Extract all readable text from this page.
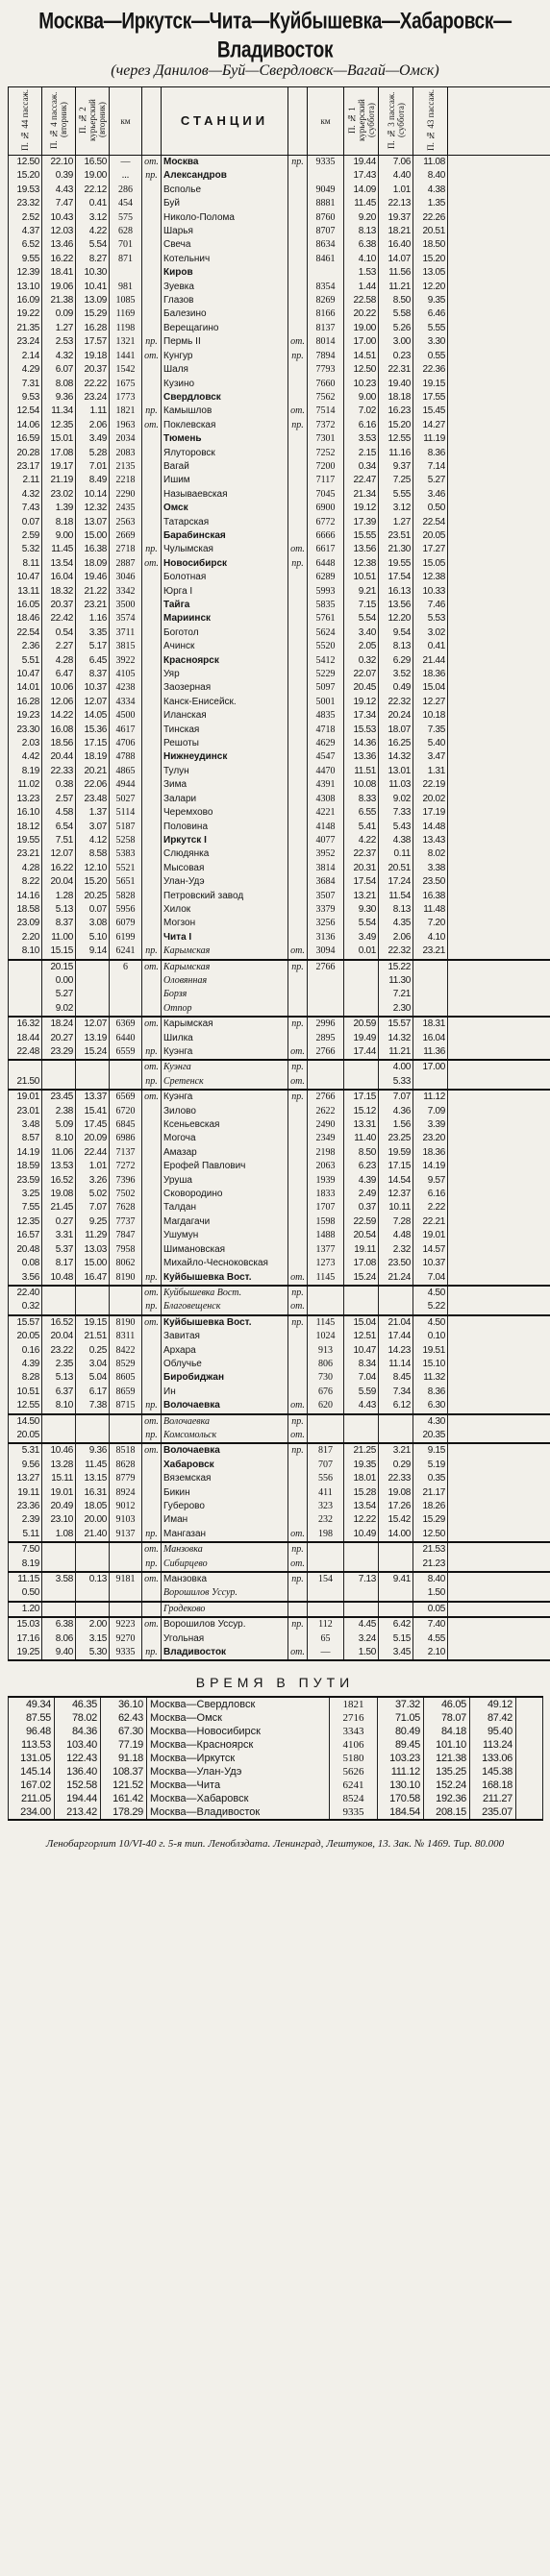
Москва—Иркутск—Чита—Куйбышевка—Хабаровск—Владивосток
(через Данилов—Буй—Свердловск—Вагай—Омск)
П. № 44 пассаж.	П. № 4 пассаж. (вторник)	П. № 2 курьерский (вторник)	км		СТАНЦИИ		км	П. № 1 курьерский (суббота)	П. № 3 пассаж. (суббота)	П. № 43 пассаж.	
12.50	22.10	16.50	—	от.	Москва	пр.	9335	19.44	7.06	11.08	
15.20	0.39	19.00	...	пр.	Александров			17.43	4.40	8.40	
19.53	4.43	22.12	286		Всполье		9049	14.09	1.01	4.38	
23.32	7.47	0.41	454		Буй		8881	11.45	22.13	1.35	
2.52	10.43	3.12	575		Николо-Полома		8760	9.20	19.37	22.26	
4.37	12.03	4.22	628		Шарья		8707	8.13	18.21	20.51	
6.52	13.46	5.54	701		Свеча		8634	6.38	16.40	18.50	
9.55	16.22	8.27	871		Котельнич		8461	4.10	14.07	15.20	
12.39	18.41	10.30			Киров			1.53	11.56	13.05	
13.10	19.06	10.41	981		Зуевка		8354	1.44	11.21	12.20	
16.09	21.38	13.09	1085		Глазов		8269	22.58	8.50	9.35	
19.22	0.09	15.29	1169		Балезино		8166	20.22	5.58	6.46	
21.35	1.27	16.28	1198		Верещагино		8137	19.00	5.26	5.55	
23.24	2.53	17.57	1321	пр.	Пермь II	от.	8014	17.00	3.00	3.30	
2.14	4.32	19.18	1441	от.	Кунгур	пр.	7894	14.51	0.23	0.55	
4.29	6.07	20.37	1542		Шаля		7793	12.50	22.31	22.36	
7.31	8.08	22.22	1675		Кузино		7660	10.23	19.40	19.15	
9.53	9.36	23.24	1773		Свердловск		7562	9.00	18.18	17.55	
12.54	11.34	1.11	1821	пр.	Камышлов	от.	7514	7.02	16.23	15.45	
14.06	12.35	2.06	1963	от.	Поклевская	пр.	7372	6.16	15.20	14.27	
16.59	15.01	3.49	2034		Тюмень		7301	3.53	12.55	11.19	
20.28	17.08	5.28	2083		Ялуторовск		7252	2.15	11.16	8.36	
23.17	19.17	7.01	2135		Вагай		7200	0.34	9.37	7.14	
2.11	21.19	8.49	2218		Ишим		7117	22.47	7.25	5.27	
4.32	23.02	10.14	2290		Называевская		7045	21.34	5.55	3.46	
7.43	1.39	12.32	2435		Омск		6900	19.12	3.12	0.50	
0.07	8.18	13.07	2563		Татарская		6772	17.39	1.27	22.54	
2.59	9.00	15.00	2669		Барабинская		6666	15.55	23.51	20.05	
5.32	11.45	16.38	2718	пр.	Чулымская	от.	6617	13.56	21.30	17.27	
8.11	13.54	18.09	2887	от.	Новосибирск	пр.	6448	12.38	19.55	15.05	
10.47	16.04	19.46	3046		Болотная		6289	10.51	17.54	12.38	
13.11	18.32	21.22	3342		Юрга I		5993	9.21	16.13	10.33	
16.05	20.37	23.21	3500		Тайга		5835	7.15	13.56	7.46	
18.46	22.42	1.16	3574		Мариинск		5761	5.54	12.20	5.53	
22.54	0.54	3.35	3711		Боготол		5624	3.40	9.54	3.02	
2.36	2.27	5.17	3815		Ачинск		5520	2.05	8.13	0.41	
5.51	4.28	6.45	3922		Красноярск		5412	0.32	6.29	21.44	
10.47	6.47	8.37	4105		Уяр		5229	22.07	3.52	18.36	
14.01	10.06	10.37	4238		Заозерная		5097	20.45	0.49	15.04	
16.28	12.06	12.07	4334		Канск-Енисейск.		5001	19.12	22.32	12.27	
19.23	14.22	14.05	4500		Иланская		4835	17.34	20.24	10.18	
23.30	16.08	15.36	4617		Тинская		4718	15.53	18.07	7.35	
2.03	18.56	17.15	4706		Решоты		4629	14.36	16.25	5.40	
4.42	20.44	18.19	4788		Нижнеудинск		4547	13.36	14.32	3.47	
8.19	22.33	20.21	4865		Тулун		4470	11.51	13.01	1.31	
11.02	0.38	22.06	4944		Зима		4391	10.08	11.03	22.19	
13.23	2.57	23.48	5027		Залари		4308	8.33	9.02	20.02	
16.10	4.58	1.37	5114		Черемхово		4221	6.55	7.33	17.19	
18.12	6.54	3.07	5187		Половина		4148	5.41	5.43	14.48	
19.55	7.51	4.12	5258		Иркутск I		4077	4.22	4.38	13.43	
23.21	12.07	8.58	5383		Слюдянка		3952	22.37	0.11	8.02	
4.28	16.22	12.10	5521		Мысовая		3814	20.31	20.51	3.38	
8.22	20.04	15.20	5651		Улан-Удэ		3684	17.54	17.24	23.50	
14.16	1.28	20.25	5828		Петровский завод		3507	13.21	11.54	16.38	
18.58	5.13	0.07	5956		Хилок		3379	9.30	8.13	11.48	
23.09	8.37	3.08	6079		Могзон		3256	5.54	4.35	7.20	
2.20	11.00	5.10	6199		Чита I		3136	3.49	2.06	4.10	
8.10	15.15	9.14	6241	пр.	Карымская	от.	3094	0.01	22.32	23.21	
	20.15		6	от.	Карымская	пр.	2766		15.22		
	0.00				Оловянная				11.30		
	5.27				Борзя				7.21		
	9.02				Отпор				2.30		
16.32	18.24	12.07	6369	от.	Карымская	пр.	2996	20.59	15.57	18.31	
18.44	20.27	13.19	6440		Шилка		2895	19.49	14.32	16.04	
22.48	23.29	15.24	6559	пр.	Куэнга	от.	2766	17.44	11.21	11.36	
				от.	Куэнга	пр.			4.00	17.00	
21.50				пр.	Сретенск	от.			5.33		
19.01	23.45	13.37	6569	от.	Куэнга	пр.	2766	17.15	7.07	11.12	
23.01	2.38	15.41	6720		Зилово		2622	15.12	4.36	7.09	
3.48	5.09	17.45	6845		Ксеньевская		2490	13.31	1.56	3.39	
8.57	8.10	20.09	6986		Могоча		2349	11.40	23.25	23.20	
14.19	11.06	22.44	7137		Амазар		2198	8.50	19.59	18.36	
18.59	13.53	1.01	7272		Ерофей Павлович		2063	6.23	17.15	14.19	
23.59	16.52	3.26	7396		Уруша		1939	4.39	14.54	9.57	
3.25	19.08	5.02	7502		Сковородино		1833	2.49	12.37	6.16	
7.55	21.45	7.07	7628		Талдан		1707	0.37	10.11	2.22	
12.35	0.27	9.25	7737		Магдагачи		1598	22.59	7.28	22.21	
16.57	3.31	11.29	7847		Ушумун		1488	20.54	4.48	19.01	
20.48	5.37	13.03	7958		Шимановская		1377	19.11	2.32	14.57	
0.08	8.17	15.00	8062		Михайло-Чесноковская		1273	17.08	23.50	10.37	
3.56	10.48	16.47	8190	пр.	Куйбышевка Вост.	от.	1145	15.24	21.24	7.04	
22.40				от.	Куйбышевка Вост.	пр.				4.50	
0.32				пр.	Благовещенск	от.				5.22	
15.57	16.52	19.15	8190	от.	Куйбышевка Вост.	пр.	1145	15.04	21.04	4.50	
20.05	20.04	21.51	8311		Завитая		1024	12.51	17.44	0.10	
0.16	23.22	0.25	8422		Архара		913	10.47	14.23	19.51	
4.39	2.35	3.04	8529		Облучье		806	8.34	11.14	15.10	
8.28	5.13	5.04	8605		Биробиджан		730	7.04	8.45	11.32	
10.51	6.37	6.17	8659		Ин		676	5.59	7.34	8.36	
12.55	8.10	7.38	8715	пр.	Волочаевка	от.	620	4.43	6.12	6.30	
14.50				от.	Волочаевка	пр.				4.30	
20.05				пр.	Комсомольск	от.				20.35	
5.31	10.46	9.36	8518	от.	Волочаевка	пр.	817	21.25	3.21	9.15	
9.56	13.28	11.45	8628		Хабаровск		707	19.35	0.29	5.19	
13.27	15.11	13.15	8779		Вяземская		556	18.01	22.33	0.35	
19.11	19.01	16.31	8924		Бикин		411	15.28	19.08	21.17	
23.36	20.49	18.05	9012		Губерово		323	13.54	17.26	18.26	
2.39	23.10	20.00	9103		Иман		232	12.22	15.42	15.29	
5.11	1.08	21.40	9137	пр.	Мангазан	от.	198	10.49	14.00	12.50	
7.50				от.	Манзовка	пр.				21.53	
8.19				пр.	Сибирцево	от.				21.23	
11.15	3.58	0.13	9181	от.	Манзовка	пр.	154	7.13	9.41	8.40	
0.50					Ворошилов Уссур.					1.50	
1.20					Гродеково					0.05	
15.03	6.38	2.00	9223	от.	Ворошилов Уссур.	пр.	112	4.45	6.42	7.40	
17.16	8.06	3.15	9270		Угольная		65	3.24	5.15	4.55	
19.25	9.40	5.30	9335	пр.	Владивосток	от.	—	1.50	3.45	2.10	
ВРЕМЯ В ПУТИ
49.34	46.35	36.10	Москва—Свердловск	1821	37.32	46.05	49.12	
87.55	78.02	62.43	Москва—Омск	2716	71.05	78.07	87.42	
96.48	84.36	67.30	Москва—Новосибирск	3343	80.49	84.18	95.40	
113.53	103.40	77.19	Москва—Красноярск	4106	89.45	101.10	113.24	
131.05	122.43	91.18	Москва—Иркутск	5180	103.23	121.38	133.06	
145.14	136.40	108.37	Москва—Улан-Удэ	5626	111.12	135.25	145.38	
167.02	152.58	121.52	Москва—Чита	6241	130.10	152.24	168.18	
211.05	194.44	161.42	Москва—Хабаровск	8524	170.58	192.36	211.27	
234.00	213.42	178.29	Москва—Владивосток	9335	184.54	208.15	235.07	
Ленобаргорлит 10/VI-40 г. 5-я тип. Леноблздата. Ленинград, Лештуков, 13. Зак. № 1469. Тир. 80.000
